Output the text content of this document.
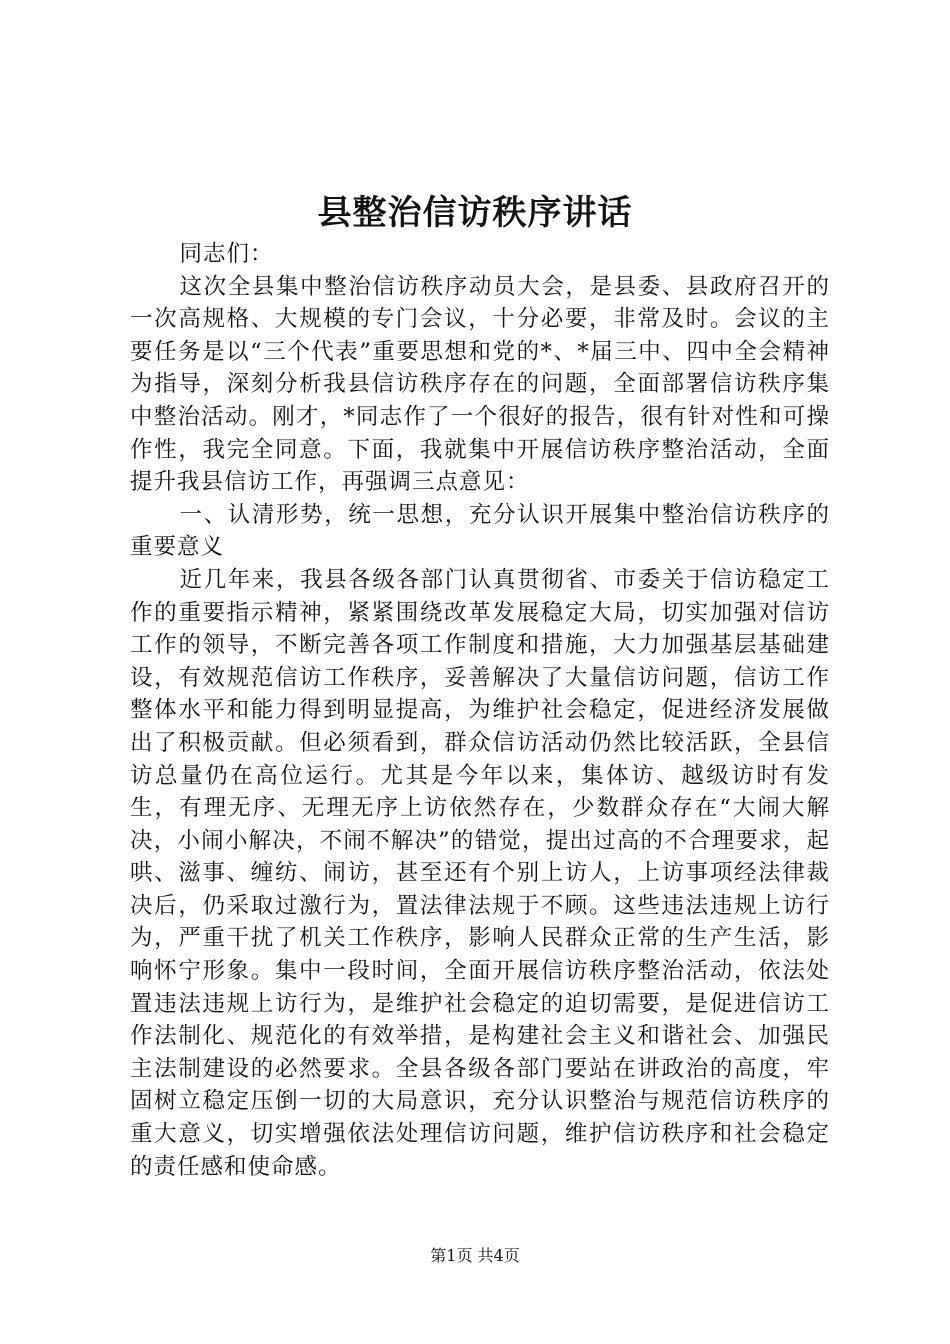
县整治信访秩序讲话

同志们：

这次全县集中整治信访秩序动员大会，是县委、县政府召开的一次高规格、大规模的专门会议，十分必要，非常及时。会议的主要任务是以“三个代表”重要思想和党的*、*届三中、四中全会精神为指导，深刻分析我县信访秩序存在的问题，全面部署信访秩序集中整治活动。刚才，*同志作了一个很好的报告，很有针对性和可操作性，我完全同意。下面，我就集中开展信访秩序整治活动，全面提升我县信访工作，再强调三点意见：

一、认清形势，统一思想，充分认识开展集中整治信访秩序的重要意义

近几年来，我县各级各部门认真贯彻省、市委关于信访稳定工作的重要指示精神，紧紧围绕改革发展稳定大局，切实加强对信访工作的领导，不断完善各项工作制度和措施，大力加强基层基础建设，有效规范信访工作秩序，妥善解决了大量信访问题，信访工作整体水平和能力得到明显提高，为维护社会稳定，促进经济发展做出了积极贡献。但必须看到，群众信访活动仍然比较活跃，全县信访总量仍在高位运行。尤其是今年以来，集体访、越级访时有发生，有理无序、无理无序上访依然存在，少数群众存在“大闹大解决，小闹小解决，不闹不解决”的错觉，提出过高的不合理要求，起哄、滋事、缠纺、闹访，甚至还有个别上访人，上访事项经法律裁决后，仍采取过激行为，置法律法规于不顾。这些违法违规上访行为，严重干扰了机关工作秩序，影响人民群众正常的生产生活，影响怀宁形象。集中一段时间，全面开展信访秩序整治活动，依法处置违法违规上访行为，是维护社会稳定的迫切需要，是促进信访工作法制化、规范化的有效举措，是构建社会主义和谐社会、加强民主法制建设的必然要求。全县各级各部门要站在讲政治的高度，牢固树立稳定压倒一切的大局意识，充分认识整治与规范信访秩序的重大意义，切实增强依法处理信访问题，维护信访秩序和社会稳定的责任感和使命感。

第1页 共4页
